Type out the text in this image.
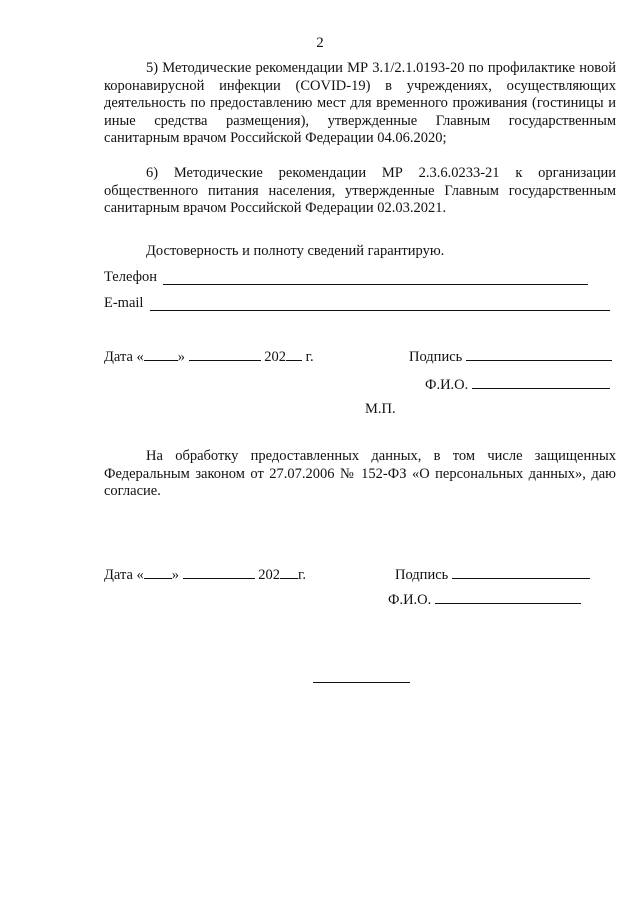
2
5) Методические рекомендации МР 3.1/2.1.0193-20 по профилактике новой коронавирусной инфекции (COVID-19) в учреждениях, осуществляющих деятельность по предоставлению мест для временного проживания (гостиницы и иные средства размещения), утвержденные Главным государственным санитарным врачом Российской Федерации 04.06.2020;
6) Методические рекомендации МР 2.3.6.0233-21 к организации общественного питания населения, утвержденные Главным государственным санитарным врачом Российской Федерации 02.03.2021.
Достоверность и полноту сведений гарантирую.
Телефон
E-mail
Дата « »	202 г.	Подпись
Ф.И.О.
М.П.
На обработку предоставленных данных, в том числе защищенных Федеральным законом от 27.07.2006 № 152-ФЗ «О персональных данных», даю согласие.
Дата « »	202 г.	Подпись
Ф.И.О.
